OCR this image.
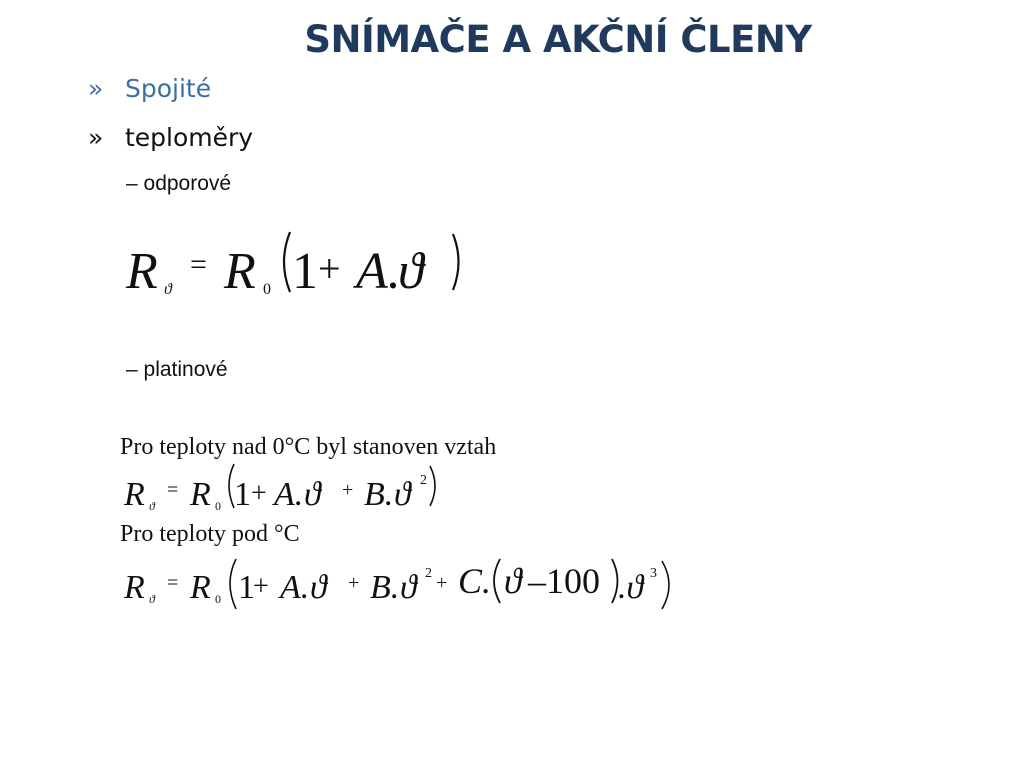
SNÍMAČE A AKČNÍ ČLENY
» Spojité
» teploměry
– odporové
R ϑ
= R 0 1 + A.
ϑ
– platinové
Pro teploty nad 0°C byl stanoven vztah
R ϑ
= R 0 1 + A. ϑ + B. ϑ 2
Pro teploty pod °C
R ϑ
= R 0 1
+ A. ϑ + B. ϑ 2 + C. ϑ –100 .ϑ 3
